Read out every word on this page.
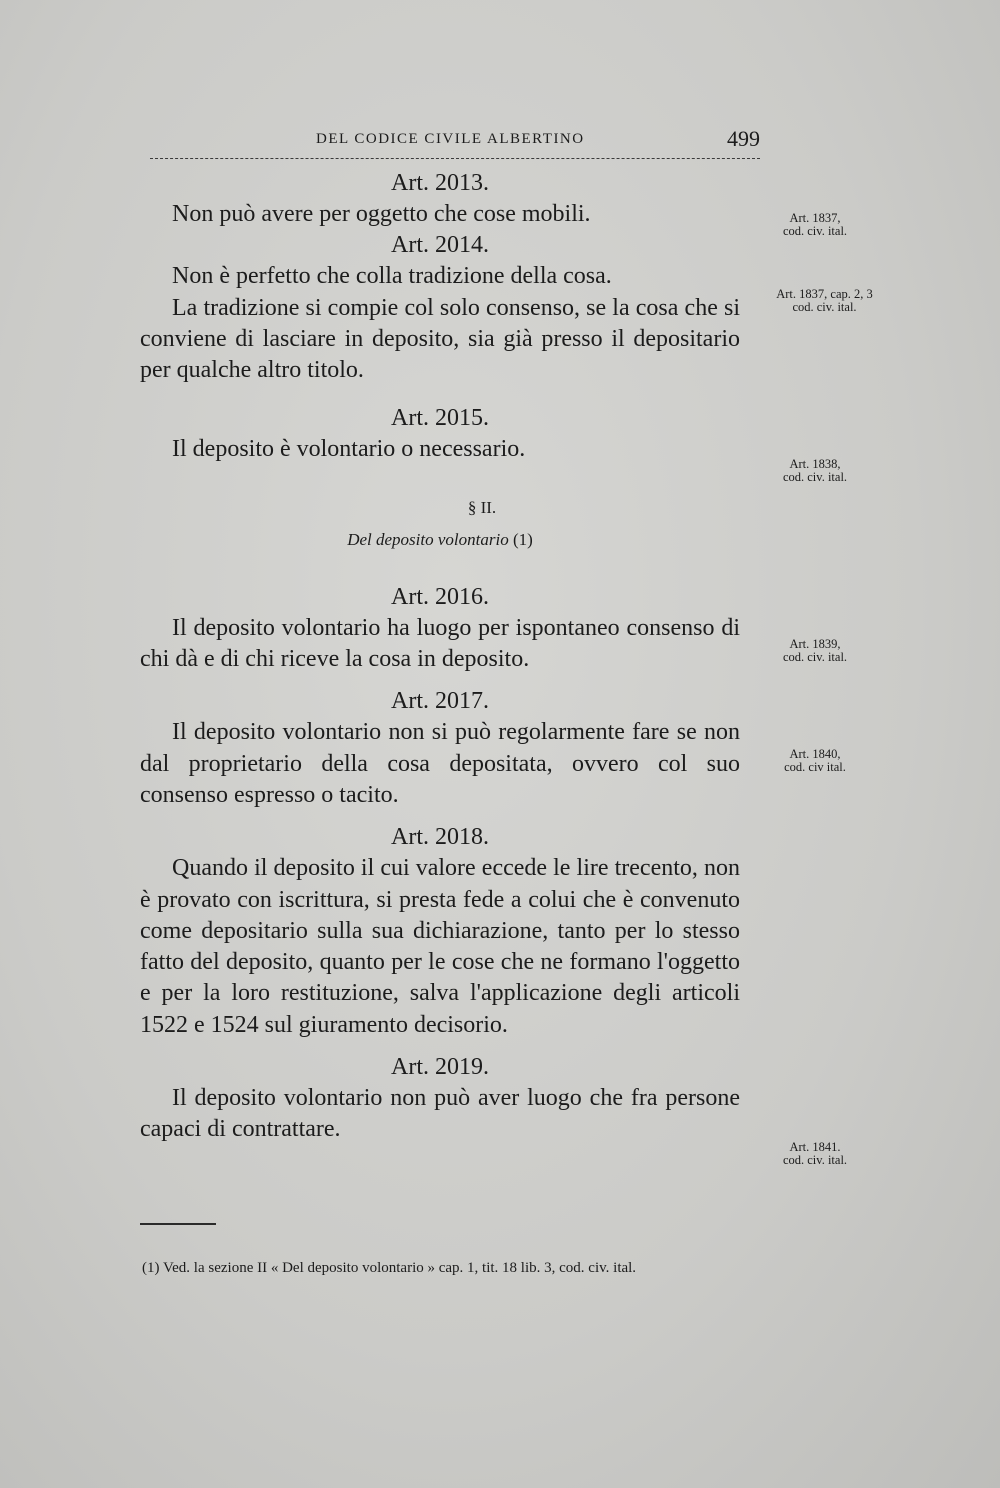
DEL CODICE CIVILE ALBERTINO	499

Art. 2013.

Non può avere per oggetto che cose mobili.

Art. 2014.

Non è perfetto che colla tradizione della cosa.

La tradizione si compie col solo consenso, se la cosa che si conviene di lasciare in deposito, sia già presso il depositario per qualche altro titolo.

Art. 2015.

Il deposito è volontario o necessario.

§ II.

Del deposito volontario (1)

Art. 2016.

Il deposito volontario ha luogo per ispontaneo consenso di chi dà e di chi riceve la cosa in deposito.

Art. 2017.

Il deposito volontario non si può regolarmente fare se non dal proprietario della cosa depositata, ovvero col suo consenso espresso o tacito.

Art. 2018.

Quando il deposito il cui valore eccede le lire trecento, non è provato con iscrittura, si presta fede a colui che è convenuto come depositario sulla sua dichiarazione, tanto per lo stesso fatto del deposito, quanto per le cose che ne formano l'oggetto e per la loro restituzione, salva l'applicazione degli articoli 1522 e 1524 sul giuramento decisorio.

Art. 2019.

Il deposito volontario non può aver luogo che fra persone capaci di contrattare.

Art. 1837,
cod. civ. ital.
Art. 1837, cap. 2, 3
cod. civ. ital.
Art. 1838,
cod. civ. ital.
Art. 1839,
cod. civ. ital.
Art. 1840,
cod. civ ital.
Art. 1841.
cod. civ. ital.

(1) Ved. la sezione II « Del deposito volontario » cap. 1, tit. 18 lib. 3, cod. civ. ital.
